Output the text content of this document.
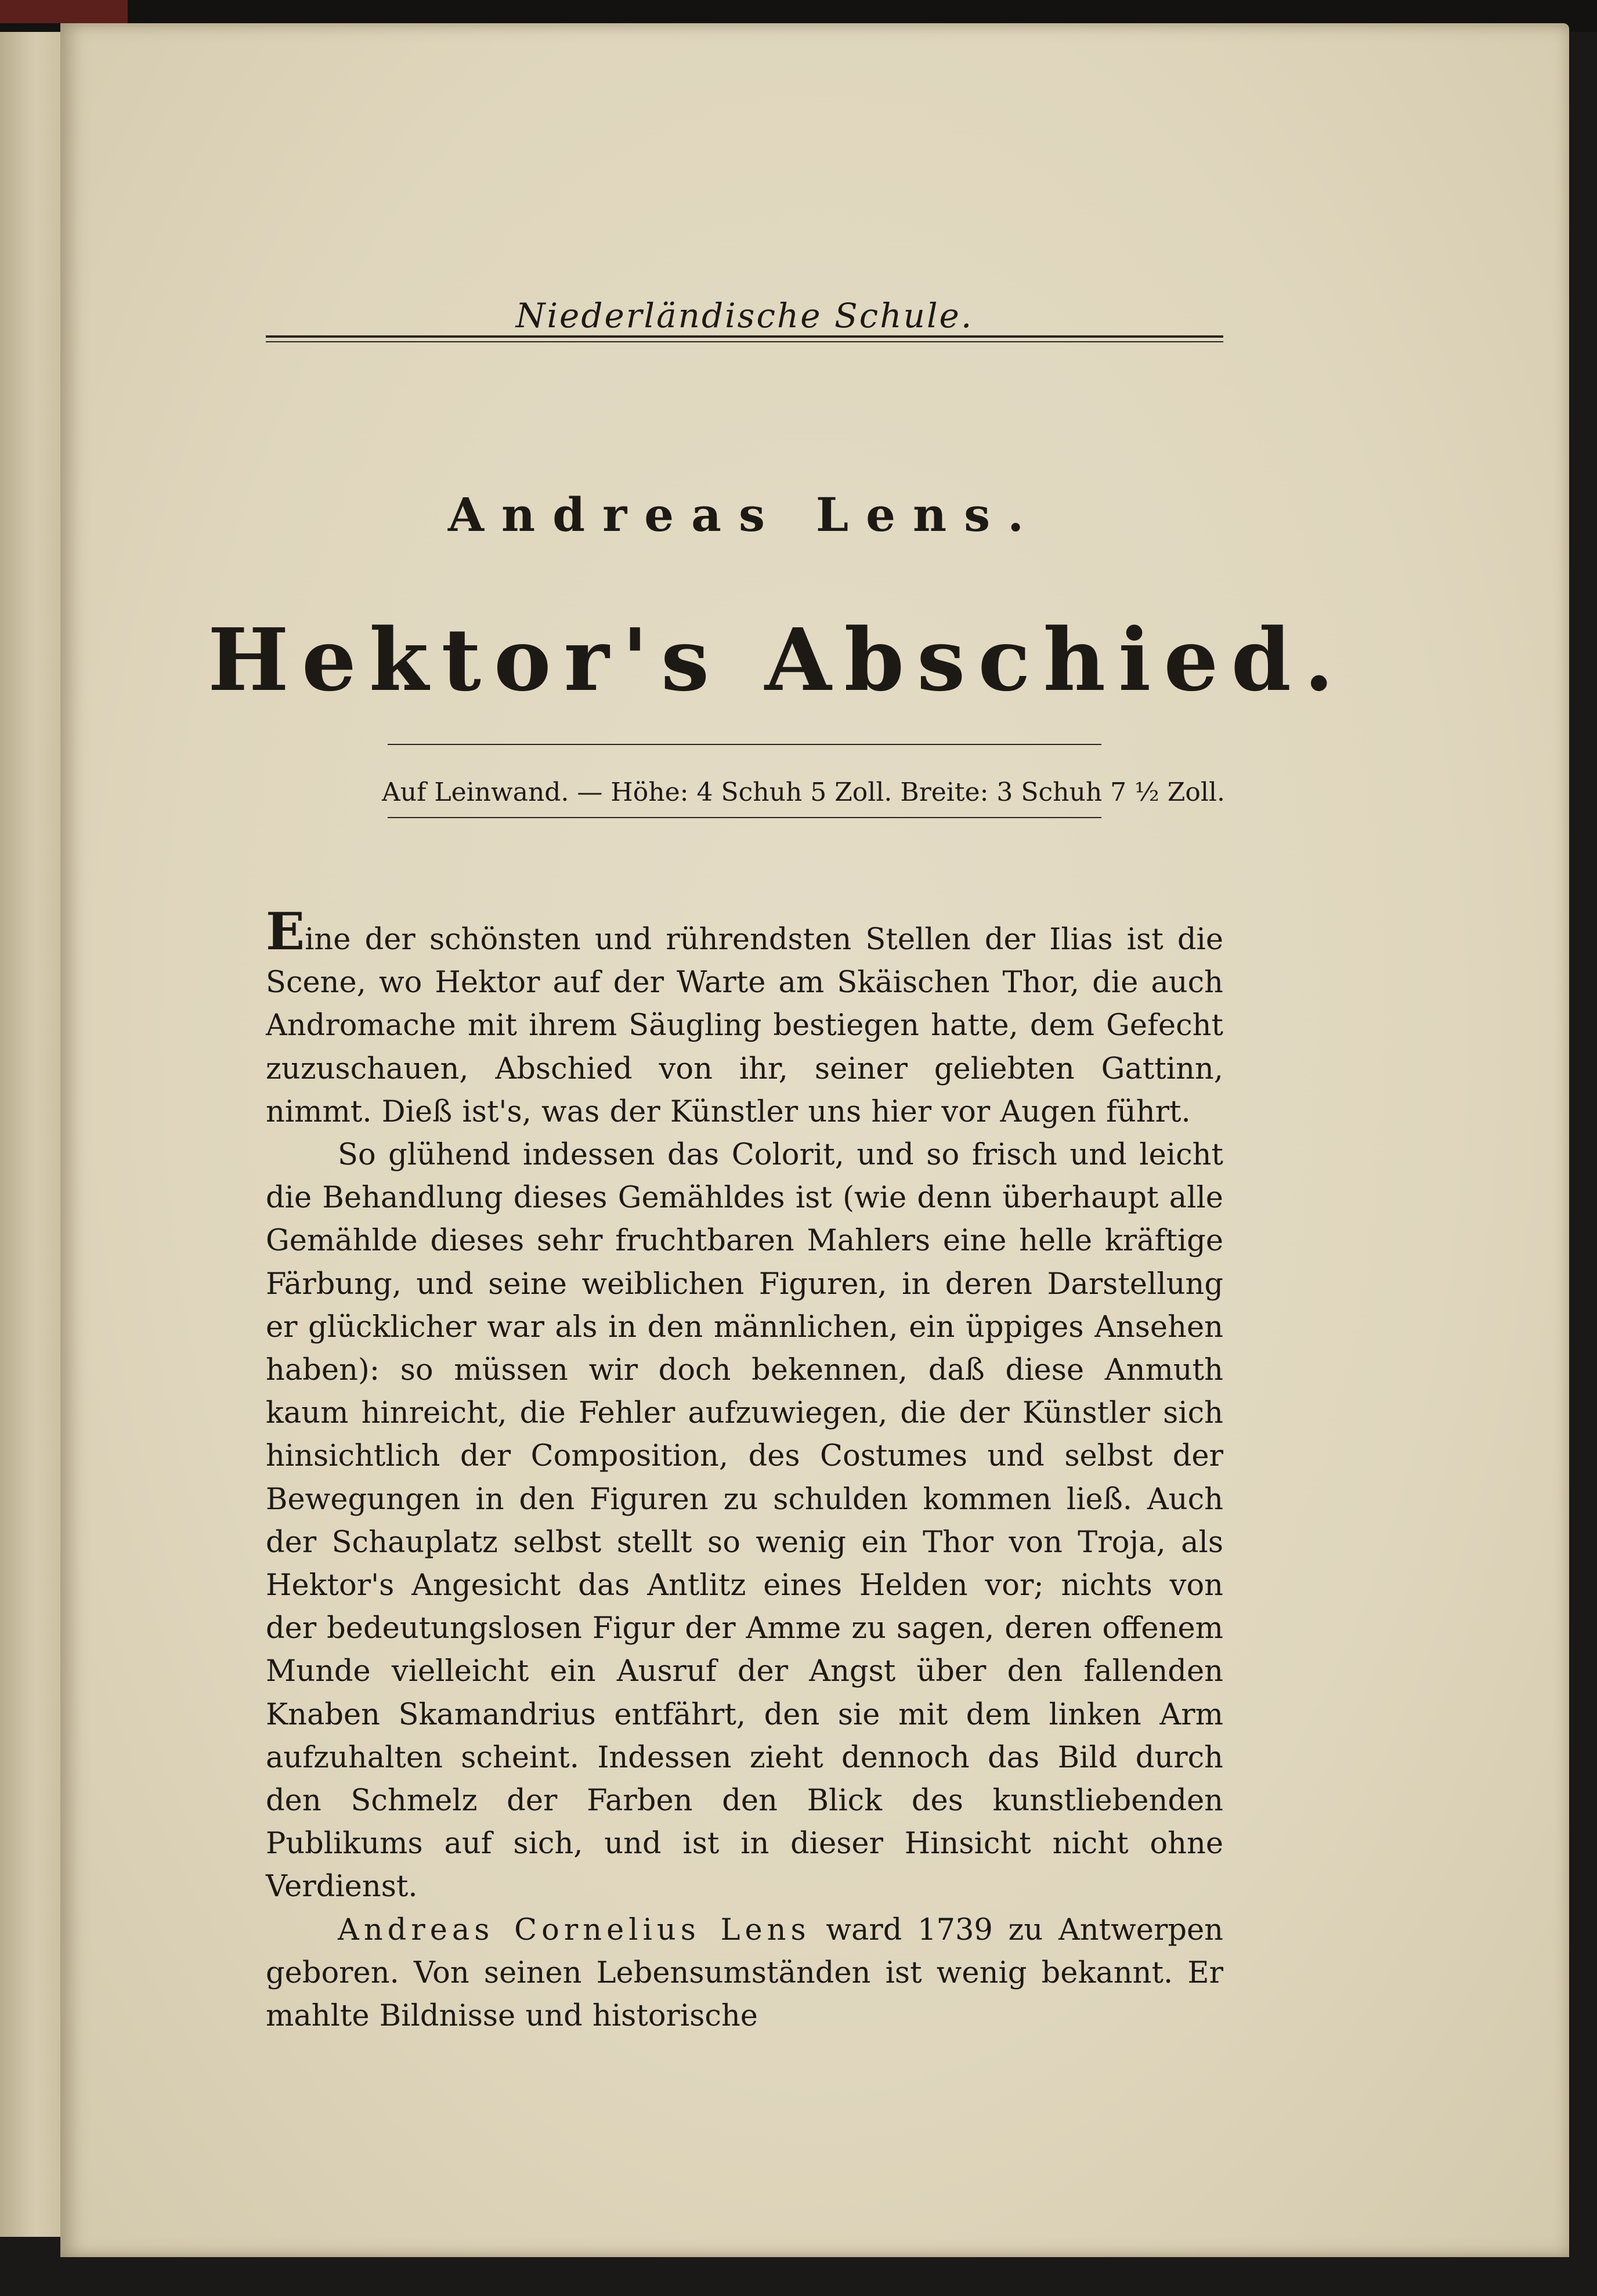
Niederländische Schule.
Andreas Lens.
Hektor's Abschied.
Auf Leinwand. — Höhe: 4 Schuh 5 Zoll. Breite: 3 Schuh 7 ½ Zoll.

Eine der schönsten und rührendsten Stellen der Ilias ist die Scene, wo Hektor auf der Warte am Skäischen Thor, die auch Andromache mit ihrem Säugling bestiegen hatte, dem Gefecht zuzuschauen, Abschied von ihr, seiner geliebten Gattinn, nimmt. Dieß ist's, was der Künstler uns hier vor Augen führt.

So glühend indessen das Colorit, und so frisch und leicht die Behandlung dieses Gemähldes ist (wie denn überhaupt alle Gemählde dieses sehr fruchtbaren Mahlers eine helle kräftige Färbung, und seine weiblichen Figuren, in deren Darstellung er glücklicher war als in den männlichen, ein üppiges Ansehen haben): so müssen wir doch bekennen, daß diese Anmuth kaum hinreicht, die Fehler aufzuwiegen, die der Künstler sich hinsichtlich der Composition, des Costumes und selbst der Bewegungen in den Figuren zu schulden kommen ließ. Auch der Schauplatz selbst stellt so wenig ein Thor von Troja, als Hektor's Angesicht das Antlitz eines Helden vor; nichts von der bedeutungslosen Figur der Amme zu sagen, deren offenem Munde vielleicht ein Ausruf der Angst über den fallenden Knaben Skamandrius entfährt, den sie mit dem linken Arm aufzuhalten scheint. Indessen zieht dennoch das Bild durch den Schmelz der Farben den Blick des kunstliebenden Publikums auf sich, und ist in dieser Hinsicht nicht ohne Verdienst.

Andreas Cornelius Lens ward 1739 zu Antwerpen geboren. Von seinen Lebensumständen ist wenig bekannt. Er mahlte Bildnisse und historische
